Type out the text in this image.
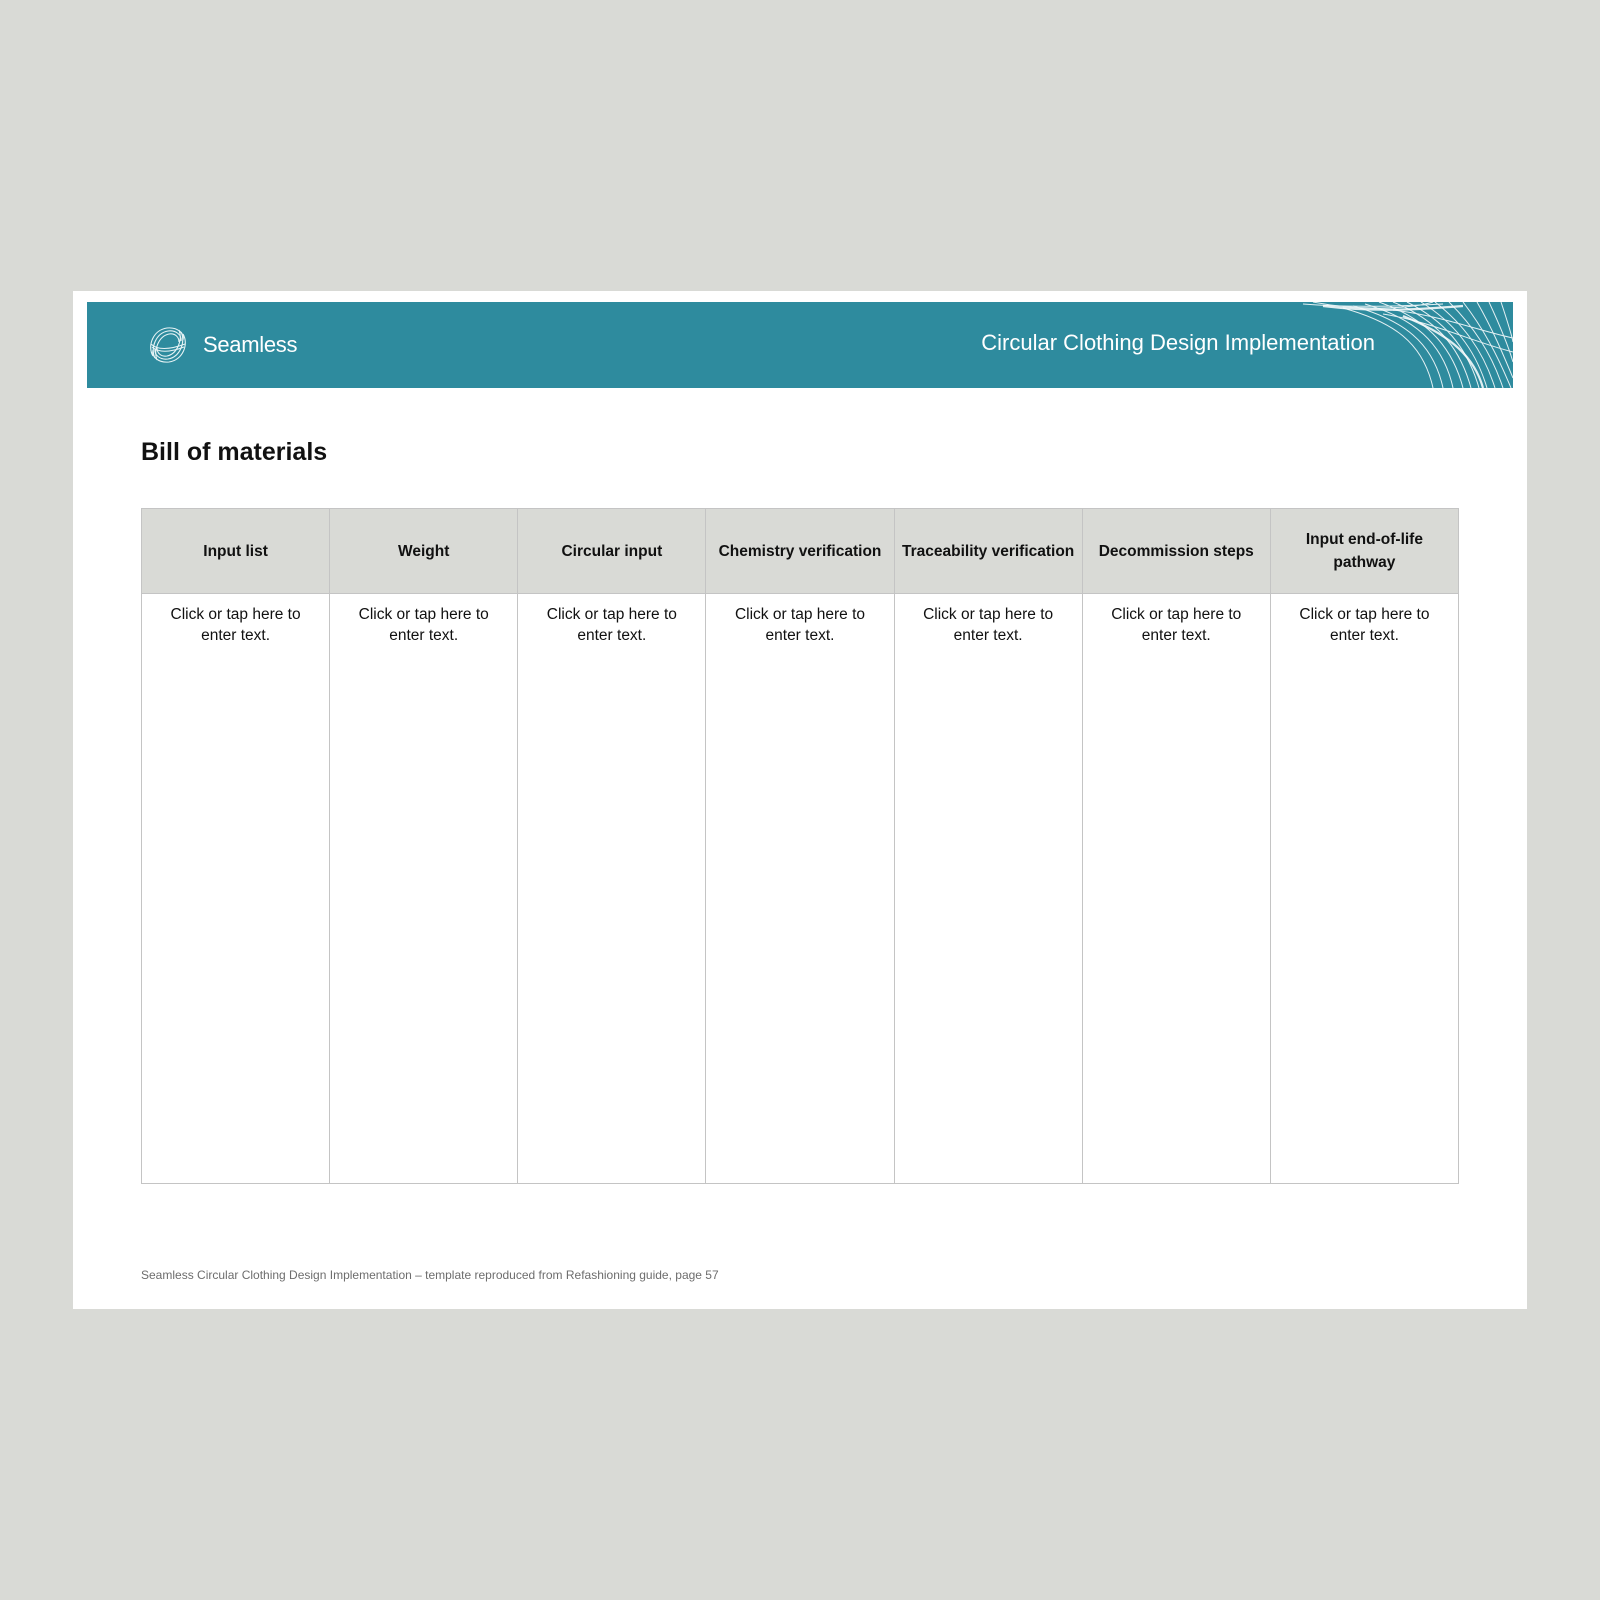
Seamless	Circular Clothing Design Implementation
Bill of materials
Input list	Weight	Circular input	Chemistry verification	Traceability verification	Decommission steps	Input end-of-life pathway
Click or tap here to enter text.	Click or tap here to enter text.	Click or tap here to enter text.	Click or tap here to enter text.	Click or tap here to enter text.	Click or tap here to enter text.	Click or tap here to enter text.
Seamless Circular Clothing Design Implementation – template reproduced from Refashioning guide, page 57
